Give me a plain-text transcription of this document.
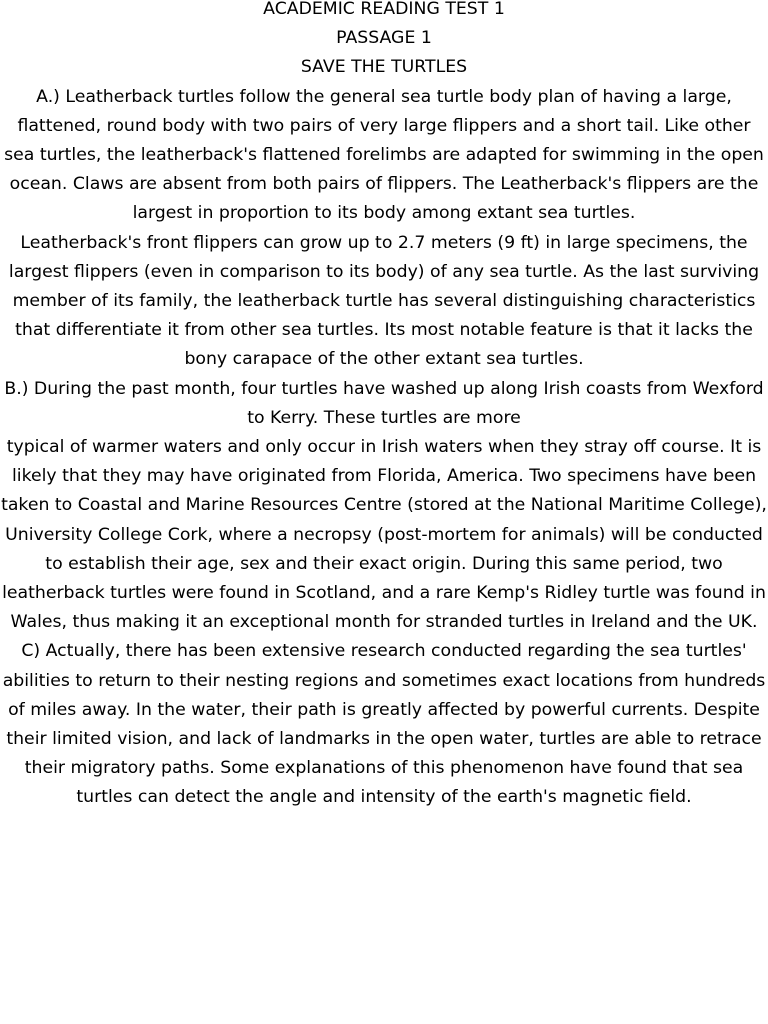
ACADEMIC READING TEST 1

PASSAGE 1

SAVE THE TURTLES

A.) Leatherback turtles follow the general sea turtle body plan of having a large, flattened, round body with two pairs of very large flippers and a short tail. Like other sea turtles, the leatherback's flattened forelimbs are adapted for swimming in the open ocean. Claws are absent from both pairs of flippers. The Leatherback's flippers are the largest in proportion to its body among extant sea turtles.

Leatherback's front flippers can grow up to 2.7 meters (9 ft) in large specimens, the largest flippers (even in comparison to its body) of any sea turtle. As the last surviving member of its family, the leatherback turtle has several distinguishing characteristics that differentiate it from other sea turtles. Its most notable feature is that it lacks the bony carapace of the other extant sea turtles.

B.) During the past month, four turtles have washed up along Irish coasts from Wexford to Kerry. These turtles are more

typical of warmer waters and only occur in Irish waters when they stray off course. It is likely that they may have originated from Florida, America. Two specimens have been taken to Coastal and Marine Resources Centre (stored at the National Maritime College), University College Cork, where a necropsy (post-mortem for animals) will be conducted to establish their age, sex and their exact origin. During this same period, two leatherback turtles were found in Scotland, and a rare Kemp's Ridley turtle was found in Wales, thus making it an exceptional month for stranded turtles in Ireland and the UK.

C) Actually, there has been extensive research conducted regarding the sea turtles' abilities to return to their nesting regions and sometimes exact locations from hundreds of miles away. In the water, their path is greatly affected by powerful currents. Despite their limited vision, and lack of landmarks in the open water, turtles are able to retrace their migratory paths. Some explanations of this phenomenon have found that sea turtles can detect the angle and intensity of the earth's magnetic field.
